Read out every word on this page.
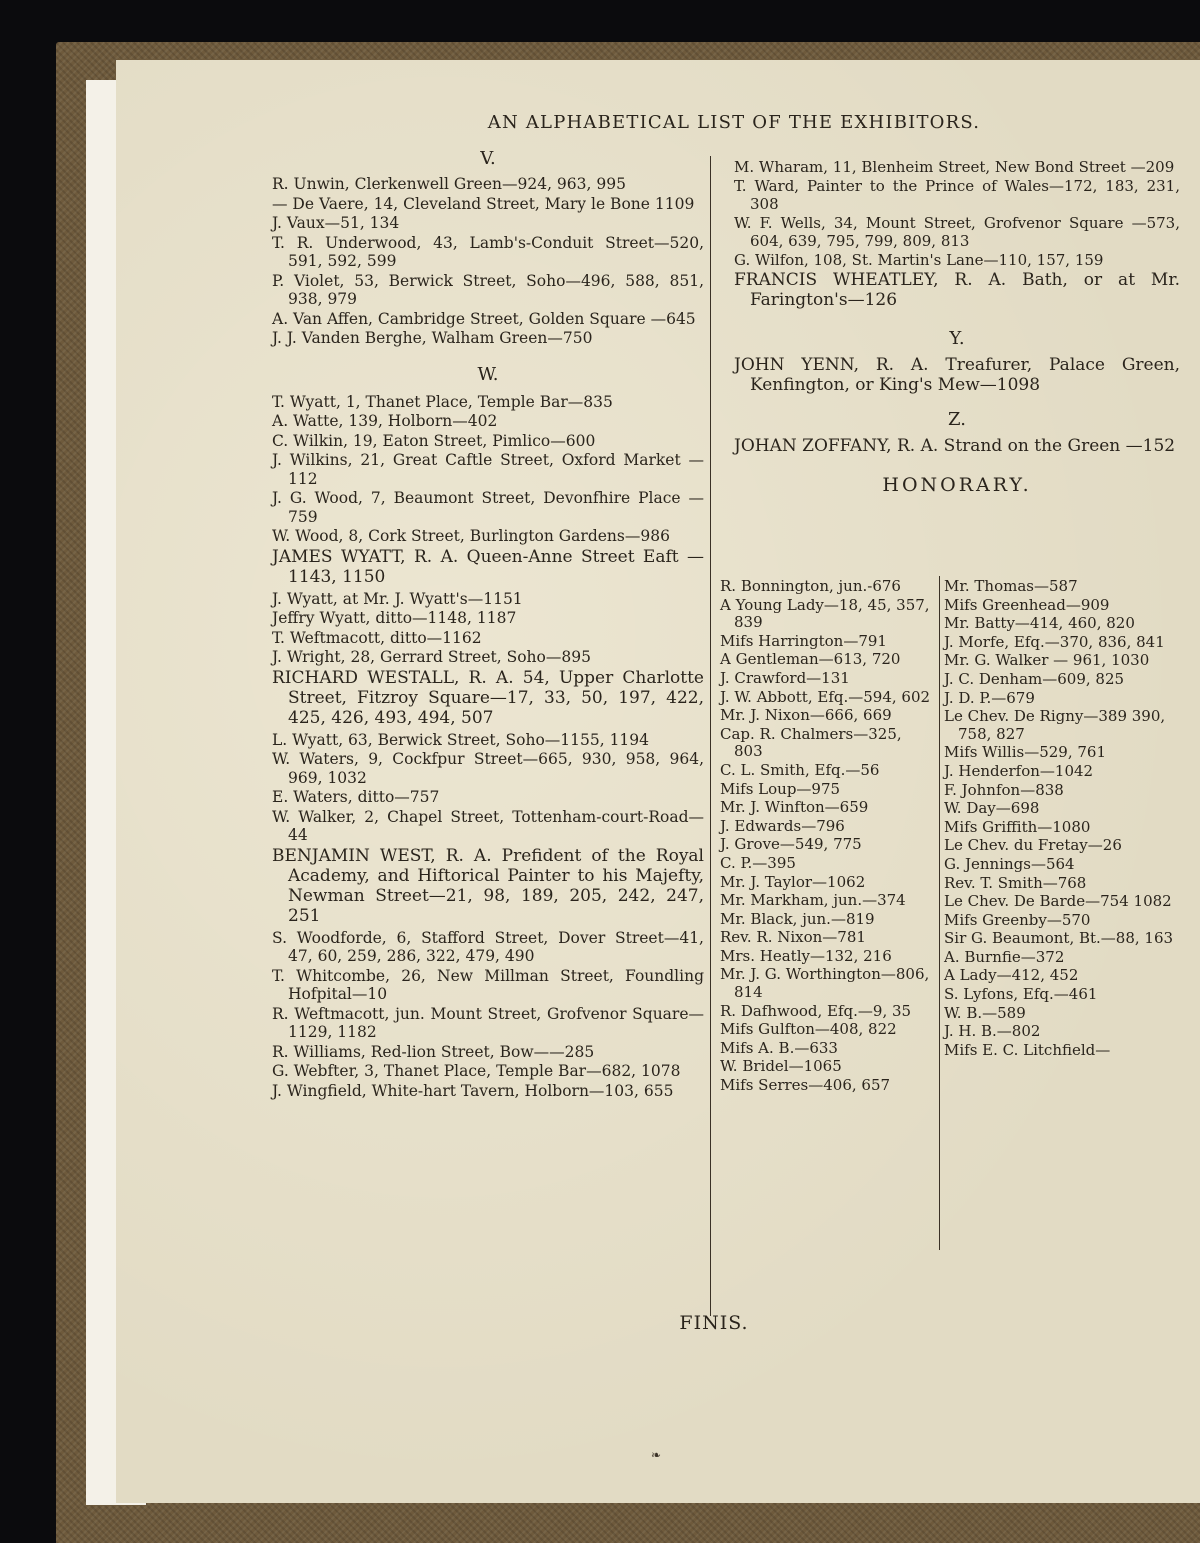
AN ALPHABETICAL LIST OF THE EXHIBITORS.
V.

R. Unwin, Clerkenwell Green—924, 963, 995

— De Vaere, 14, Cleveland Street, Mary le Bone 1109

J. Vaux—51, 134

T. R. Underwood, 43, Lamb's-Conduit Street—520, 591, 592, 599

P. Violet, 53, Berwick Street, Soho—496, 588, 851, 938, 979

A. Van Affen, Cambridge Street, Golden Square —645

J. J. Vanden Berghe, Walham Green—750

W.

T. Wyatt, 1, Thanet Place, Temple Bar—835

A. Watte, 139, Holborn—402

C. Wilkin, 19, Eaton Street, Pimlico—600

J. Wilkins, 21, Great Caftle Street, Oxford Market —112

J. G. Wood, 7, Beaumont Street, Devonfhire Place —759

W. Wood, 8, Cork Street, Burlington Gardens—986

JAMES WYATT, R. A. Queen-Anne Street Eaft —1143, 1150

J. Wyatt, at Mr. J. Wyatt's—1151

Jeffry Wyatt, ditto—1148, 1187

T. Weftmacott, ditto—1162

J. Wright, 28, Gerrard Street, Soho—895

RICHARD WESTALL, R. A. 54, Upper Charlotte Street, Fitzroy Square—17, 33, 50, 197, 422, 425, 426, 493, 494, 507

L. Wyatt, 63, Berwick Street, Soho—1155, 1194

W. Waters, 9, Cockfpur Street—665, 930, 958, 964, 969, 1032

E. Waters, ditto—757

W. Walker, 2, Chapel Street, Tottenham-court-Road—44

BENJAMIN WEST, R. A. Prefident of the Royal Academy, and Hiftorical Painter to his Majefty, Newman Street—21, 98, 189, 205, 242, 247, 251

S. Woodforde, 6, Stafford Street, Dover Street—41, 47, 60, 259, 286, 322, 479, 490

T. Whitcombe, 26, New Millman Street, Foundling Hofpital—10

R. Weftmacott, jun. Mount Street, Grofvenor Square—1129, 1182

R. Williams, Red-lion Street, Bow——285

G. Webfter, 3, Thanet Place, Temple Bar—682, 1078

J. Wingfield, White-hart Tavern, Holborn—103, 655

M. Wharam, 11, Blenheim Street, New Bond Street —209

T. Ward, Painter to the Prince of Wales—172, 183, 231, 308

W. F. Wells, 34, Mount Street, Grofvenor Square —573, 604, 639, 795, 799, 809, 813

G. Wilfon, 108, St. Martin's Lane—110, 157, 159

FRANCIS WHEATLEY, R. A. Bath, or at Mr. Farington's—126

Y.

JOHN YENN, R. A. Treafurer, Palace Green, Kenfington, or King's Mew—1098

Z.

JOHAN ZOFFANY, R. A. Strand on the Green —152

HONORARY.

R. Bonnington, jun.-676

A Young Lady—18, 45, 357, 839

Mifs Harrington—791

A Gentleman—613, 720

J. Crawford—131

J. W. Abbott, Efq.—594, 602

Mr. J. Nixon—666, 669

Cap. R. Chalmers—325, 803

C. L. Smith, Efq.—56

Mifs Loup—975

Mr. J. Winfton—659

J. Edwards—796

J. Grove—549, 775

C. P.—395

Mr. J. Taylor—1062

Mr. Markham, jun.—374

Mr. Black, jun.—819

Rev. R. Nixon—781

Mrs. Heatly—132, 216

Mr. J. G. Worthington—806, 814

R. Dafhwood, Efq.—9, 35

Mifs Gulfton—408, 822

Mifs A. B.—633

W. Bridel—1065

Mifs Serres—406, 657

Mr. Thomas—587

Mifs Greenhead—909

Mr. Batty—414, 460, 820

J. Morfe, Efq.—370, 836, 841

Mr. G. Walker — 961, 1030

J. C. Denham—609, 825

J. D. P.—679

Le Chev. De Rigny—389 390, 758, 827

Mifs Willis—529, 761

J. Henderfon—1042

F. Johnfon—838

W. Day—698

Mifs Griffith—1080

Le Chev. du Fretay—26

G. Jennings—564

Rev. T. Smith—768

Le Chev. De Barde—754 1082

Mifs Greenby—570

Sir G. Beaumont, Bt.—88, 163

A. Burnfie—372

A Lady—412, 452

S. Lyfons, Efq.—461

W. B.—589

J. H. B.—802

Mifs E. C. Litchfield—

FINIS.
❧
